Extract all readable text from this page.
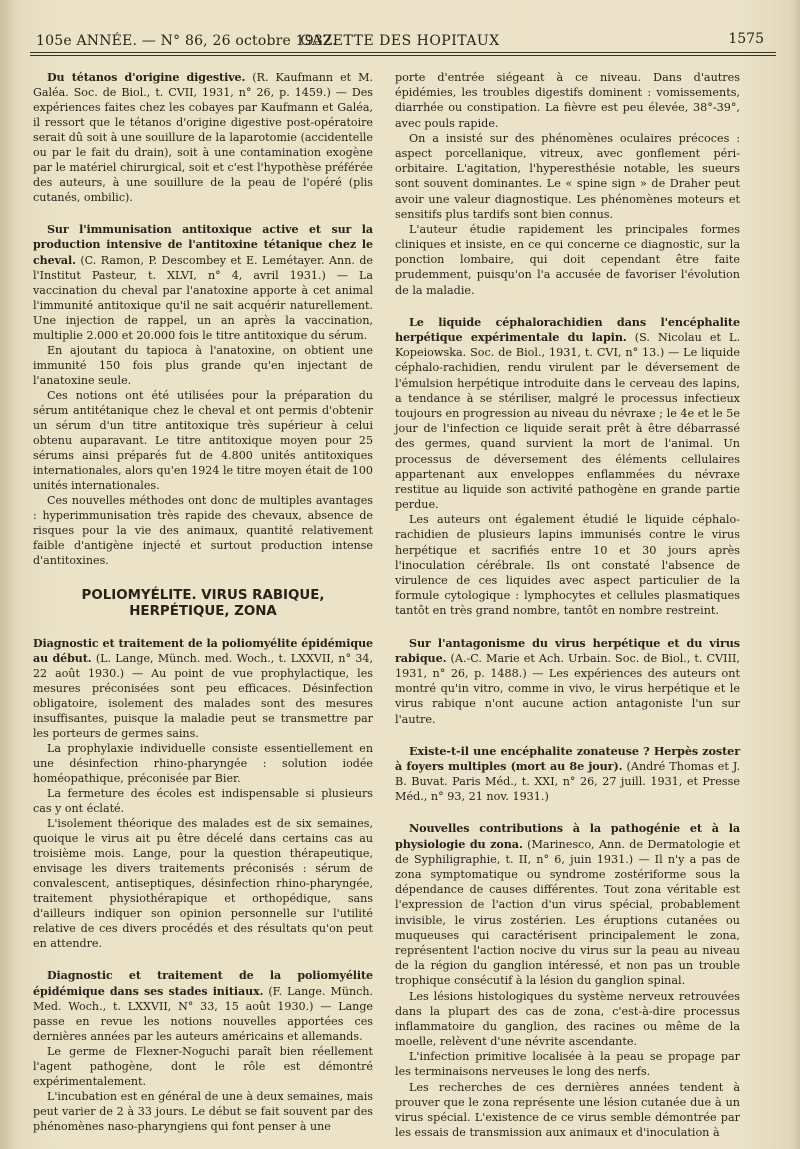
105e ANNÉE. — N° 86, 26 octobre 1932.
GAZETTE DES HOPITAUX	1575

Du tétanos d'origine digestive. (R. Kaufmann et M. Galéa. Soc. de Biol., t. CVII, 1931, n° 26, p. 1459.) — Des expériences faites chez les cobayes par Kaufmann et Galéa, il ressort que le tétanos d'origine digestive post-opératoire serait dû soit à une souillure de la laparotomie (accidentelle ou par le fait du drain), soit à une contamination exogène par le matériel chirurgical, soit et c'est l'hypothèse préférée des auteurs, à une souillure de la peau de l'opéré (plis cutanés, ombilic).

Sur l'immunisation antitoxique active et sur la production intensive de l'antitoxine tétanique chez le cheval. (C. Ramon, P. Descombey et E. Lemétayer. Ann. de l'Institut Pasteur, t. XLVI, n° 4, avril 1931.) — La vaccination du cheval par l'anatoxine apporte à cet animal l'immunité antitoxique qu'il ne sait acquérir naturellement. Une injection de rappel, un an après la vaccination, multiplie 2.000 et 20.000 fois le titre antitoxique du sérum.

En ajoutant du tapioca à l'anatoxine, on obtient une immunité 150 fois plus grande qu'en injectant de l'anatoxine seule.

Ces notions ont été utilisées pour la préparation du sérum antitétanique chez le cheval et ont permis d'obtenir un sérum d'un titre antitoxique très supérieur à celui obtenu auparavant. Le titre antitoxique moyen pour 25 sérums ainsi préparés fut de 4.800 unités antitoxiques internationales, alors qu'en 1924 le titre moyen était de 100 unités internationales.

Ces nouvelles méthodes ont donc de multiples avantages : hyperimmunisation très rapide des chevaux, absence de risques pour la vie des animaux, quantité relativement faible d'antigène injecté et surtout production intense d'antitoxines.

POLIOMYÉLITE. VIRUS RABIQUE, HERPÉTIQUE, ZONA

Diagnostic et traitement de la poliomyélite épidémique au début. (L. Lange, Münch. med. Woch., t. LXXVII, n° 34, 22 août 1930.) — Au point de vue prophylactique, les mesures préconisées sont peu efficaces. Désinfection obligatoire, isolement des malades sont des mesures insuffisantes, puisque la maladie peut se transmettre par les porteurs de germes sains.

La prophylaxie individuelle consiste essentiellement en une désinfection rhino-pharyngée : solution iodée homéopathique, préconisée par Bier.

La fermeture des écoles est indispensable si plusieurs cas y ont éclaté.

L'isolement théorique des malades est de six semaines, quoique le virus ait pu être décelé dans certains cas au troisième mois. Lange, pour la question thérapeutique, envisage les divers traitements préconisés : sérum de convalescent, antiseptiques, désinfection rhino-pharyngée, traitement physiothérapique et orthopédique, sans d'ailleurs indiquer son opinion personnelle sur l'utilité relative de ces divers procédés et des résultats qu'on peut en attendre.

Diagnostic et traitement de la poliomyélite épidémique dans ses stades initiaux. (F. Lange. Münch. Med. Woch., t. LXXVII, N° 33, 15 août 1930.) — Lange passe en revue les notions nouvelles apportées ces dernières années par les auteurs américains et allemands.

Le germe de Flexner-Noguchi paraît bien réellement l'agent pathogène, dont le rôle est démontré expérimentalement.

L'incubation est en général de une à deux semaines, mais peut varier de 2 à 33 jours. Le début se fait souvent par des phénomènes naso-pharyngiens qui font penser à une

porte d'entrée siégeant à ce niveau. Dans d'autres épidémies, les troubles digestifs dominent : vomissements, diarrhée ou constipation. La fièvre est peu élevée, 38°-39°, avec pouls rapide.

On a insisté sur des phénomènes oculaires précoces : aspect porcellanique, vitreux, avec gonflement péri-orbitaire. L'agitation, l'hyperesthésie notable, les sueurs sont souvent dominantes. Le « spine sign » de Draher peut avoir une valeur diagnostique. Les phénomènes moteurs et sensitifs plus tardifs sont bien connus.

L'auteur étudie rapidement les principales formes cliniques et insiste, en ce qui concerne ce diagnostic, sur la ponction lombaire, qui doit cependant être faite prudemment, puisqu'on l'a accusée de favoriser l'évolution de la maladie.

Le liquide céphalorachidien dans l'encéphalite herpétique expérimentale du lapin. (S. Nicolau et L. Kopeiowska. Soc. de Biol., 1931, t. CVI, n° 13.) — Le liquide céphalo-rachidien, rendu virulent par le déversement de l'émulsion herpétique introduite dans le cerveau des lapins, a tendance à se stériliser, malgré le processus infectieux toujours en progression au niveau du névraxe ; le 4e et le 5e jour de l'infection ce liquide serait prêt à être débarrassé des germes, quand survient la mort de l'animal. Un processus de déversement des éléments cellulaires appartenant aux enveloppes enflammées du névraxe restitue au liquide son activité pathogène en grande partie perdue.

Les auteurs ont également étudié le liquide céphalo-rachidien de plusieurs lapins immunisés contre le virus herpétique et sacrifiés entre 10 et 30 jours après l'inoculation cérébrale. Ils ont constaté l'absence de virulence de ces liquides avec aspect particulier de la formule cytologique : lymphocytes et cellules plasmatiques tantôt en très grand nombre, tantôt en nombre restreint.

Sur l'antagonisme du virus herpétique et du virus rabique. (A.-C. Marie et Ach. Urbain. Soc. de Biol., t. CVIII, 1931, n° 26, p. 1488.) — Les expériences des auteurs ont montré qu'in vitro, comme in vivo, le virus herpétique et le virus rabique n'ont aucune action antagoniste l'un sur l'autre.

Existe-t-il une encéphalite zonateuse ? Herpès zoster à foyers multiples (mort au 8e jour). (André Thomas et J. B. Buvat. Paris Méd., t. XXI, n° 26, 27 juill. 1931, et Presse Méd., n° 93, 21 nov. 1931.)

Nouvelles contributions à la pathogénie et à la physiologie du zona. (Marinesco, Ann. de Dermatologie et de Syphiligraphie, t. II, n° 6, juin 1931.) — Il n'y a pas de zona symptomatique ou syndrome zostériforme sous la dépendance de causes différentes. Tout zona véritable est l'expression de l'action d'un virus spécial, probablement invisible, le virus zostérien. Les éruptions cutanées ou muqueuses qui caractérisent principalement le zona, représentent l'action nocive du virus sur la peau au niveau de la région du ganglion intéressé, et non pas un trouble trophique consécutif à la lésion du ganglion spinal.

Les lésions histologiques du système nerveux retrouvées dans la plupart des cas de zona, c'est-à-dire processus inflammatoire du ganglion, des racines ou même de la moelle, relèvent d'une névrite ascendante.

L'infection primitive localisée à la peau se propage par les terminaisons nerveuses le long des nerfs.

Les recherches de ces dernières années tendent à prouver que le zona représente une lésion cutanée due à un virus spécial. L'existence de ce virus semble démontrée par les essais de transmission aux animaux et d'inoculation à
